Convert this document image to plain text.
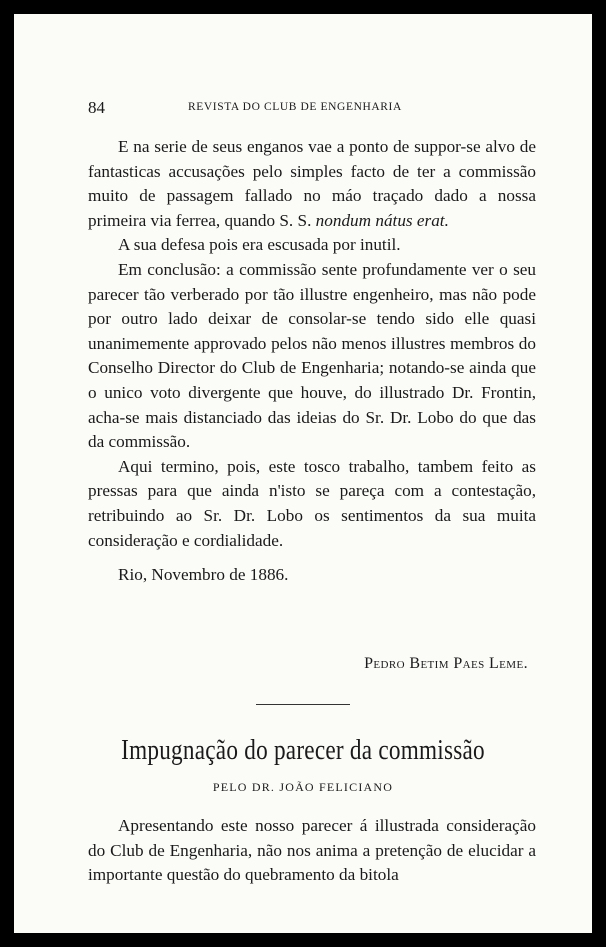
84	REVISTA DO CLUB DE ENGENHARIA

E na serie de seus enganos vae a ponto de suppor-se alvo de fantasticas accusações pelo simples facto de ter a commissão muito de passagem fallado no máo traçado dado a nossa primeira via ferrea, quando S. S. nondum nátus erat.

A sua defesa pois era escusada por inutil.

Em conclusão: a commissão sente profundamente ver o seu parecer tão verberado por tão illustre engenheiro, mas não pode por outro lado deixar de consolar-se tendo sido elle quasi unanimemente approvado pelos não menos illustres membros do Conselho Director do Club de Engenharia; notando-se ainda que o unico voto divergente que houve, do illustrado Dr. Frontin, acha-se mais distanciado das ideias do Sr. Dr. Lobo do que das da commissão.

Aqui termino, pois, este tosco trabalho, tambem feito as pressas para que ainda n'isto se pareça com a contestação, retribuindo ao Sr. Dr. Lobo os sentimentos da sua muita consideração e cordialidade.

Rio, Novembro de 1886.

Pedro Betim Paes Leme.
Impugnação do parecer da commissão
PELO DR. JOÃO FELICIANO

Apresentando este nosso parecer á illustrada consideração do Club de Engenharia, não nos anima a pretenção de elucidar a importante questão do quebramento da bitola
